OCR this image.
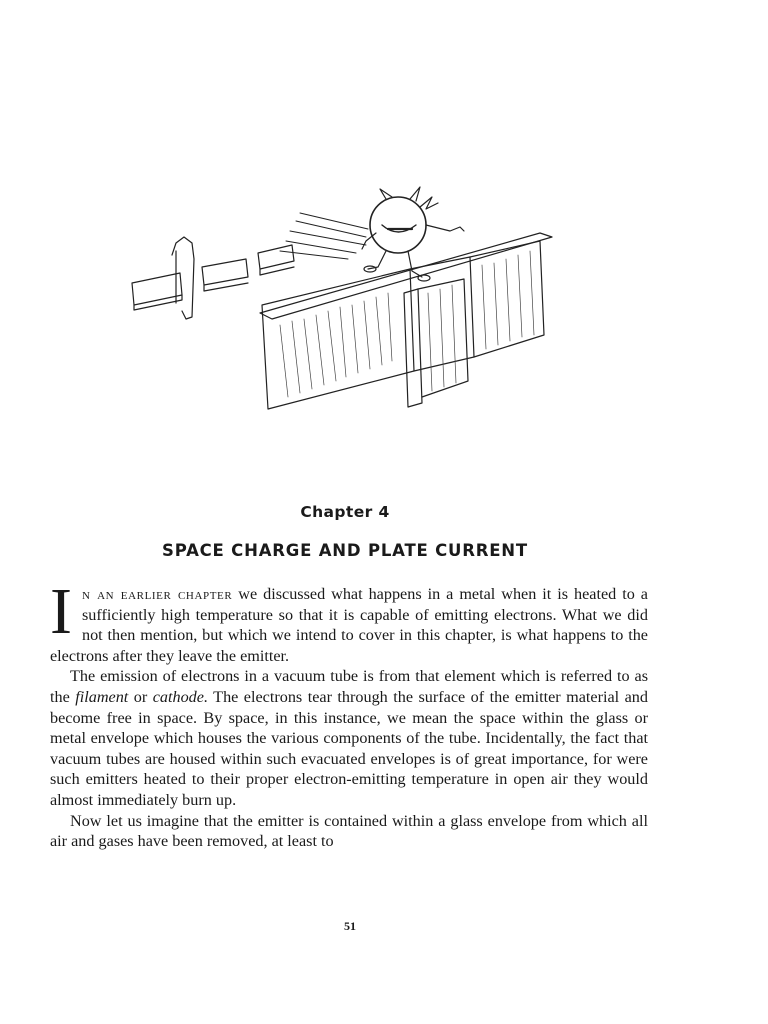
Chapter 4
SPACE CHARGE AND PLATE CURRENT

I n an earlier chapter we discussed what happens in a metal when it is heated to a sufficiently high temperature so that it is capable of emitting electrons. What we did not then mention, but which we intend to cover in this chapter, is what happens to the electrons after they leave the emitter.

The emission of electrons in a vacuum tube is from that element which is referred to as the filament or cathode. The electrons tear through the surface of the emitter material and become free in space. By space, in this instance, we mean the space within the glass or metal envelope which houses the various components of the tube. Incidentally, the fact that vacuum tubes are housed within such evacuated envelopes is of great importance, for were such emitters heated to their proper electron-emitting temperature in open air they would almost immediately burn up.

Now let us imagine that the emitter is contained within a glass envelope from which all air and gases have been removed, at least to

51
